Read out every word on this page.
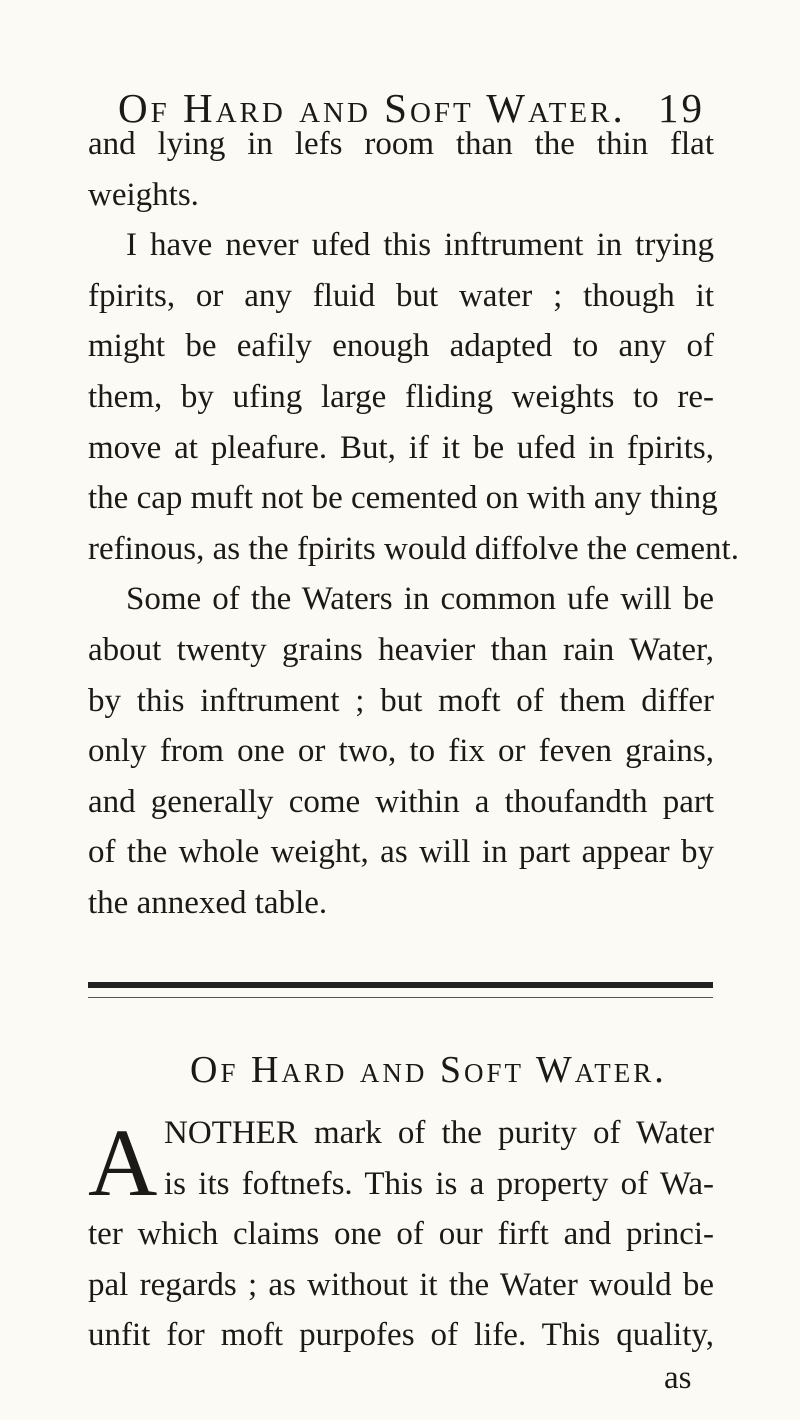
Of Hard and Soft Water. 19
and lying in lefs room than the thin flat
weights.
I have never ufed this inftrument in trying
fpirits, or any fluid but water ; though it
might be eafily enough adapted to any of
them, by ufing large fliding weights to re-
move at pleafure. But, if it be ufed in fpirits,
the cap muft not be cemented on with any thing
refinous, as the fpirits would diffolve the cement.
Some of the Waters in common ufe will be
about twenty grains heavier than rain Water,
by this inftrument ; but moft of them differ
only from one or two, to fix or feven grains,
and generally come within a thoufandth part
of the whole weight, as will in part appear by
the annexed table.
Of Hard and Soft Water.
A NOTHER mark of the purity of Water
is its foftnefs. This is a property of Wa-
ter which claims one of our firft and princi-
pal regards ; as without it the Water would be
unfit for moft purpofes of life. This quality,
as
